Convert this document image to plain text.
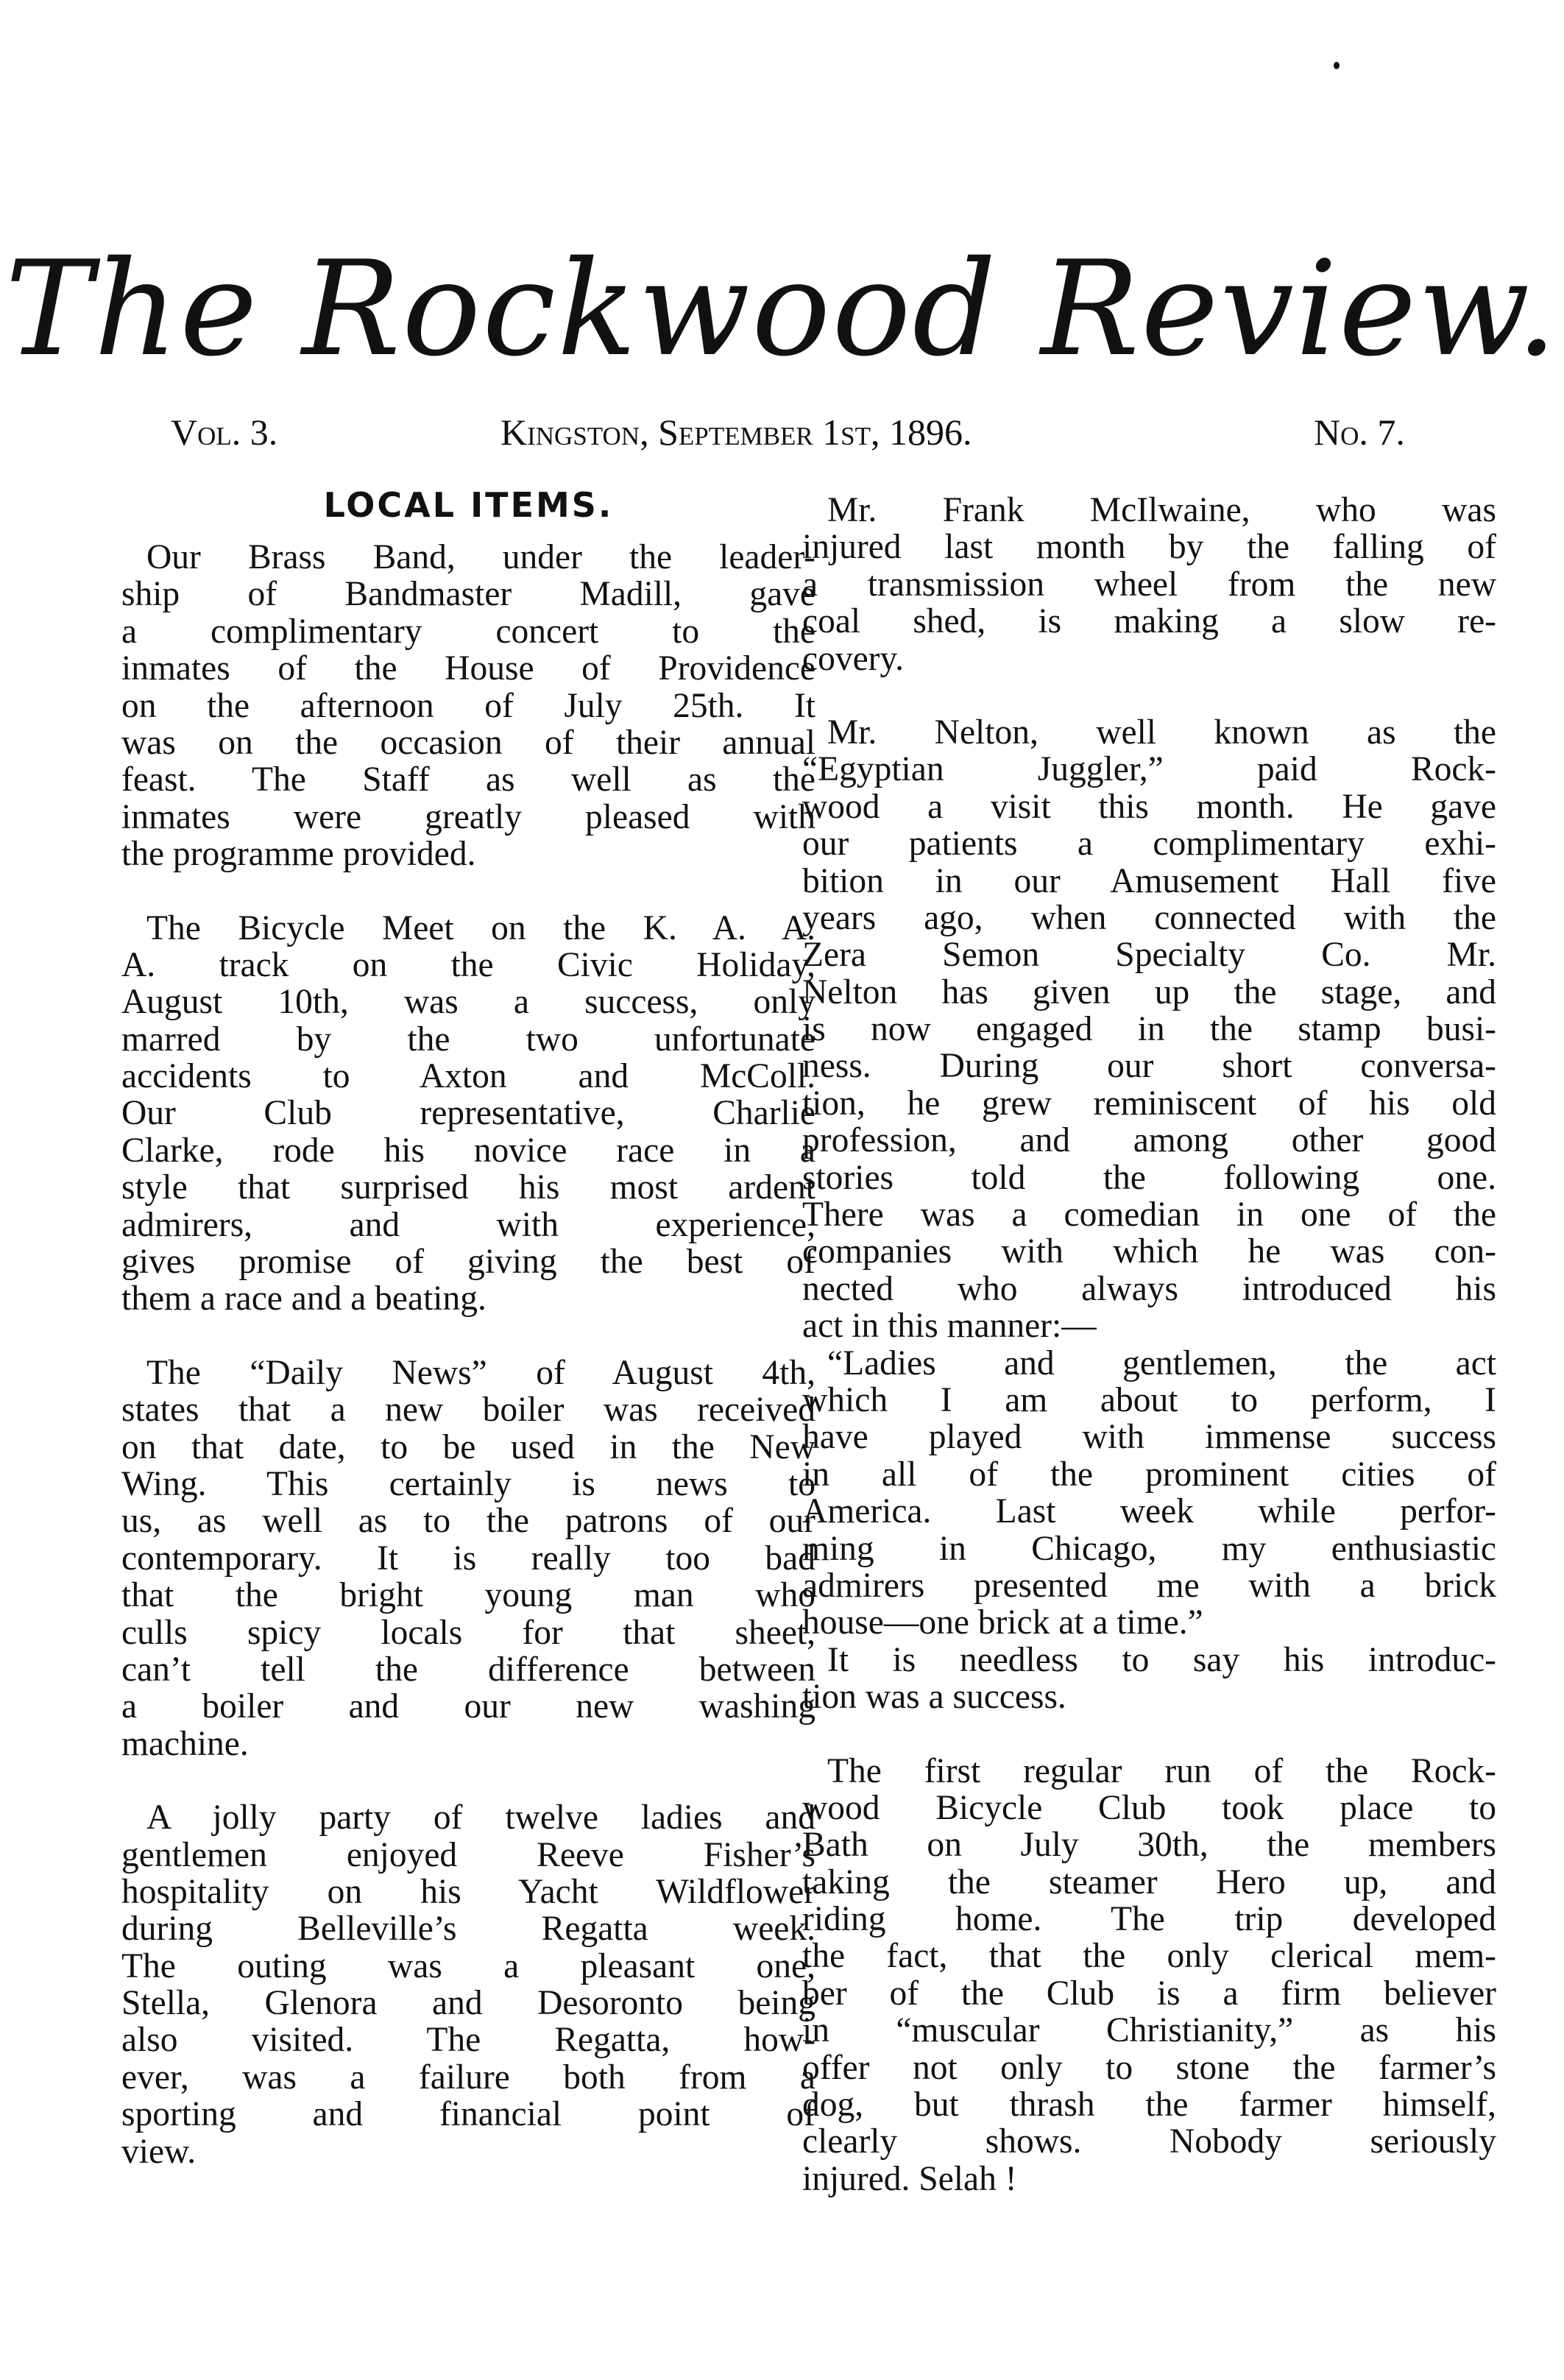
The Rockwood Review.
Vol. 3.	Kingston, September 1st, 1896.	No. 7.
LOCAL ITEMS.

Our Brass Band, under the leader-
ship of Bandmaster Madill, gave
a complimentary concert to the
inmates of the House of Providence
on the afternoon of July 25th. It
was on the occasion of their annual
feast. The Staff as well as the
inmates were greatly pleased with
the programme provided.

The Bicycle Meet on the K. A. A.
A. track on the Civic Holiday,
August 10th, was a success, only
marred by the two unfortunate
accidents to Axton and McColl.
Our Club representative, Charlie
Clarke, rode his novice race in a
style that surprised his most ardent
admirers, and with experience,
gives promise of giving the best of
them a race and a beating.

The “Daily News” of August 4th,
states that a new boiler was received
on that date, to be used in the New
Wing. This certainly is news to
us, as well as to the patrons of our
contemporary. It is really too bad
that the bright young man who
culls spicy locals for that sheet,
can’t tell the difference between
a boiler and our new washing
machine.

A jolly party of twelve ladies and
gentlemen enjoyed Reeve Fisher’s
hospitality on his Yacht Wildflower
during Belleville’s Regatta week.
The outing was a pleasant one,
Stella, Glenora and Desoronto being
also visited. The Regatta, how-
ever, was a failure both from a
sporting and financial point of
view.

Mr. Frank McIlwaine, who was
injured last month by the falling of
a transmission wheel from the new
coal shed, is making a slow re-
covery.

Mr. Nelton, well known as the
“Egyptian Juggler,” paid Rock-
wood a visit this month. He gave
our patients a complimentary exhi-
bition in our Amusement Hall five
years ago, when connected with the
Zera Semon Specialty Co. Mr.
Nelton has given up the stage, and
is now engaged in the stamp busi-
ness. During our short conversa-
tion, he grew reminiscent of his old
profession, and among other good
stories told the following one.
There was a comedian in one of the
companies with which he was con-
nected who always introduced his
act in this manner:—

“Ladies and gentlemen, the act
which I am about to perform, I
have played with immense success
in all of the prominent cities of
America. Last week while perfor-
ming in Chicago, my enthusiastic
admirers presented me with a brick
house—one brick at a time.”

It is needless to say his introduc-
tion was a success.

The first regular run of the Rock-
wood Bicycle Club took place to
Bath on July 30th, the members
taking the steamer Hero up, and
riding home. The trip developed
the fact, that the only clerical mem-
ber of the Club is a firm believer
in “muscular Christianity,” as his
offer not only to stone the farmer’s
dog, but thrash the farmer himself,
clearly shows. Nobody seriously
injured. Selah !
